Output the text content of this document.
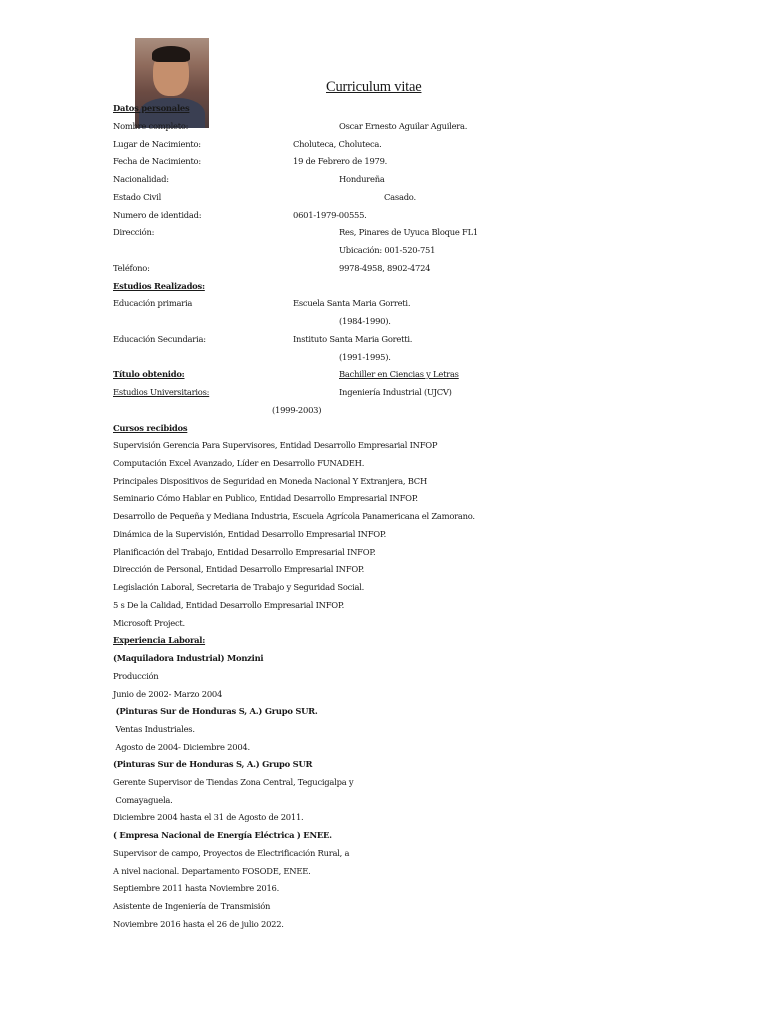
Curriculum vitae
Datos personales
Nombre completo:	Oscar Ernesto Aguilar Aguilera.
Lugar de Nacimiento:	Choluteca, Choluteca.
Fecha de Nacimiento:	19 de Febrero de 1979.
Nacionalidad:	Hondureña
Estado Civil	Casado.
Numero de identidad:	0601-1979-00555.
Dirección:	Res, Pinares de Uyuca Bloque FL1
Ubicación: 001-520-751
Teléfono:	9978-4958, 8902-4724
Estudios Realizados:
Educación primaria	Escuela Santa Maria Gorreti.
(1984-1990).
Educación Secundaria:	Instituto Santa Maria Goretti.
(1991-1995).
Título obtenido:	Bachiller en Ciencias y Letras
Estudios Universitarios:	Ingeniería Industrial (UJCV)
(1999-2003)
Cursos recibidos
Supervisión Gerencia Para Supervisores, Entidad Desarrollo Empresarial INFOP
Computación Excel Avanzado, Líder en Desarrollo FUNADEH.
Principales Dispositivos de Seguridad en Moneda Nacional Y Extranjera, BCH
Seminario Cómo Hablar en Publico, Entidad Desarrollo Empresarial INFOP.
Desarrollo de Pequeña y Mediana Industria, Escuela Agrícola Panamericana el Zamorano.
Dinámica de la Supervisión, Entidad Desarrollo Empresarial INFOP.
Planificación del Trabajo, Entidad Desarrollo Empresarial INFOP.
Dirección de Personal, Entidad Desarrollo Empresarial INFOP.
Legislación Laboral, Secretaria de Trabajo y Seguridad Social.
5 s De la Calidad, Entidad Desarrollo Empresarial INFOP.
Microsoft Project.
Experiencia Laboral:
(Maquiladora Industrial) Monzini
Producción
Junio de 2002- Marzo 2004
(Pinturas Sur de Honduras S, A.) Grupo SUR.
Ventas Industriales.
Agosto de 2004- Diciembre 2004.
(Pinturas Sur de Honduras S, A.) Grupo SUR
Gerente Supervisor de Tiendas Zona Central, Tegucigalpa y
Comayaguela.
Diciembre 2004 hasta el 31 de Agosto de 2011.
( Empresa Nacional de Energía Eléctrica ) ENEE.
Supervisor de campo, Proyectos de Electrificación Rural, a
A nivel nacional. Departamento FOSODE, ENEE.
Septiembre 2011 hasta Noviembre 2016.
Asistente de Ingeniería de Transmisión
Noviembre 2016 hasta el 26 de julio 2022.
